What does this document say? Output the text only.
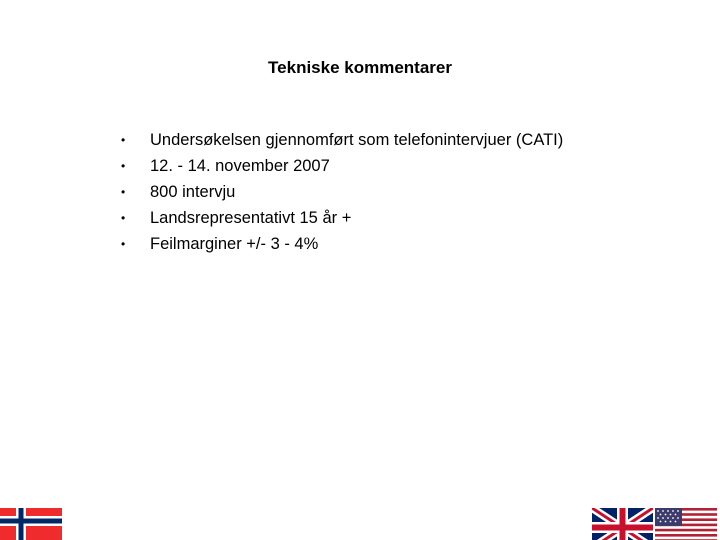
Tekniske kommentarer
• Undersøkelsen gjennomført som telefonintervjuer (CATI)
• 12. - 14. november 2007
• 800 intervju
• Landsrepresentativt 15 år +
• Feilmarginer +/- 3 - 4%
